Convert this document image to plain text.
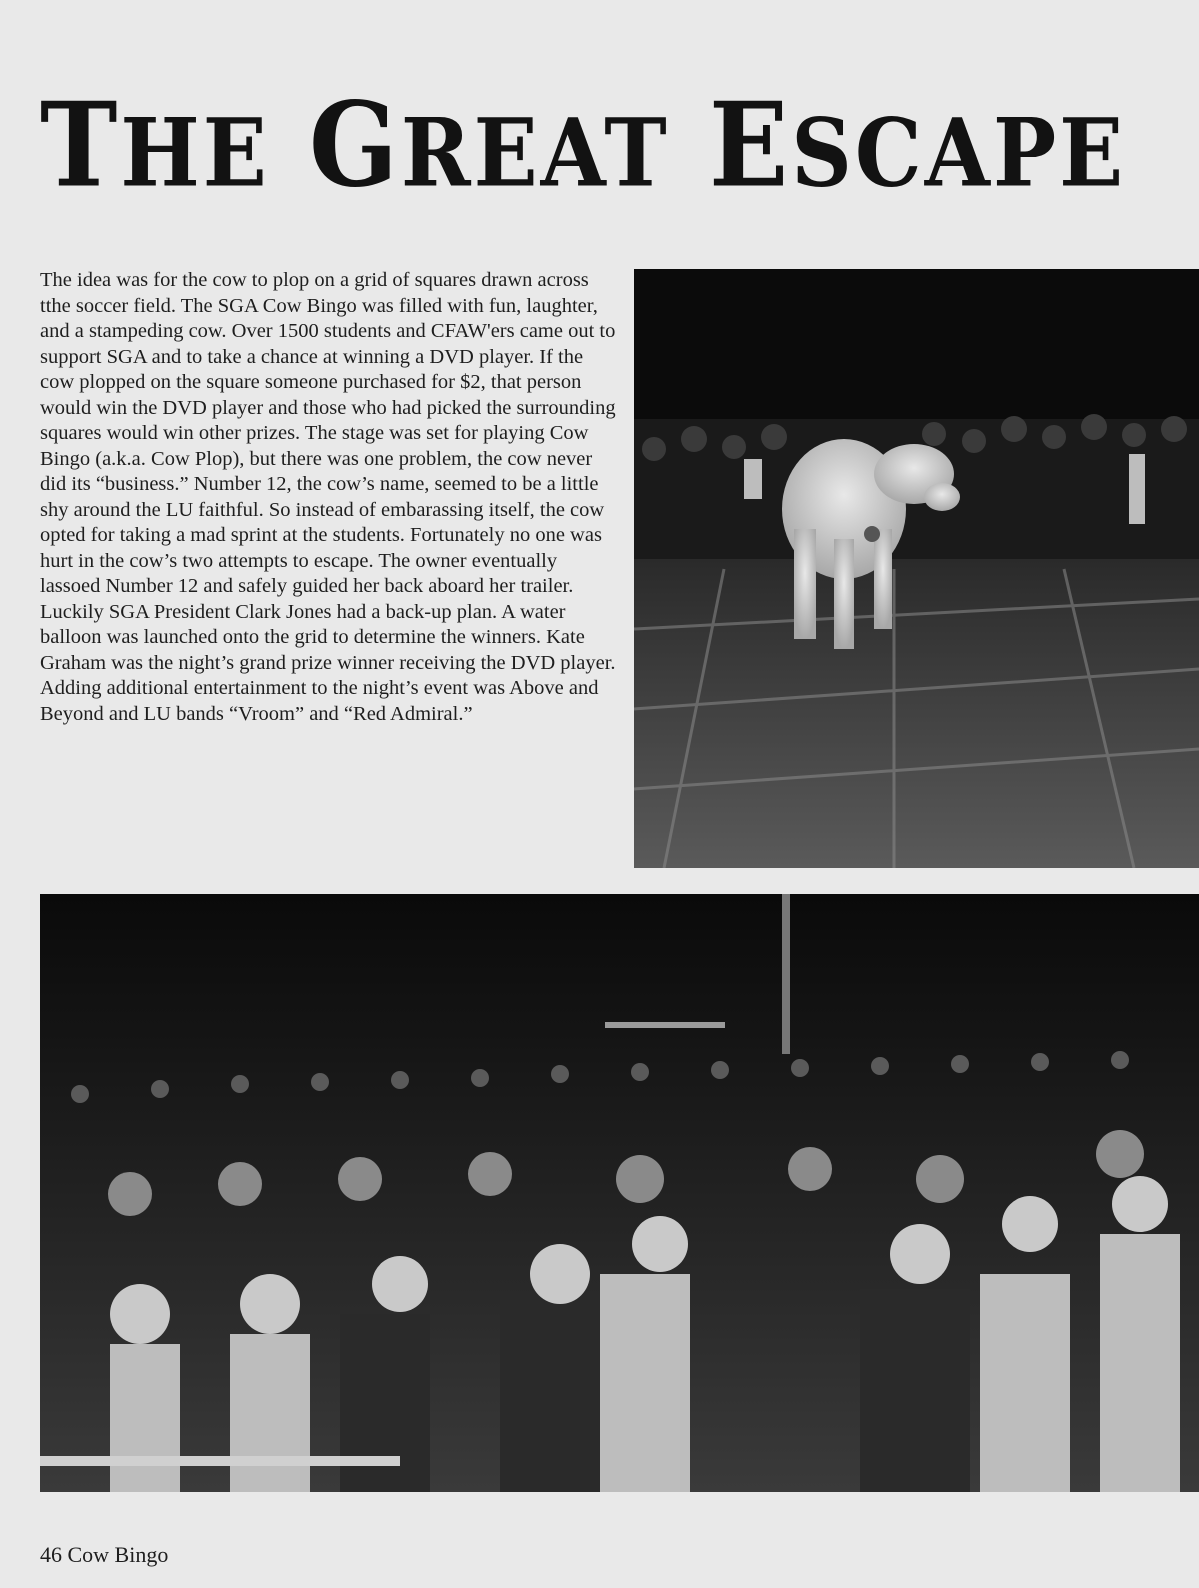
THE GREAT ESCAPE

The idea was for the cow to plop on a grid of squares drawn across tthe soccer field. The SGA Cow Bingo was filled with fun, laughter, and a stampeding cow. Over 1500 students and CFAW'ers came out to support SGA and to take a chance at winning a DVD player. If the cow plopped on the square someone purchased for $2, that person would win the DVD player and those who had picked the surrounding squares would win other prizes. The stage was set for playing Cow Bingo (a.k.a. Cow Plop), but there was one problem, the cow never did its “business.” Number 12, the cow’s name, seemed to be a little shy around the LU faithful. So instead of embarassing itself, the cow opted for taking a mad sprint at the students. Fortunately no one was hurt in the cow’s two attempts to escape. The owner eventually lassoed Number 12 and safely guided her back aboard her trailer. Luckily SGA President Clark Jones had a back-up plan. A water balloon was launched onto the grid to determine the winners. Kate Graham was the night’s grand prize winner receiving the DVD player. Adding additional entertainment to the night’s event was Above and Beyond and LU bands “Vroom” and “Red Admiral.”

46 Cow Bingo
